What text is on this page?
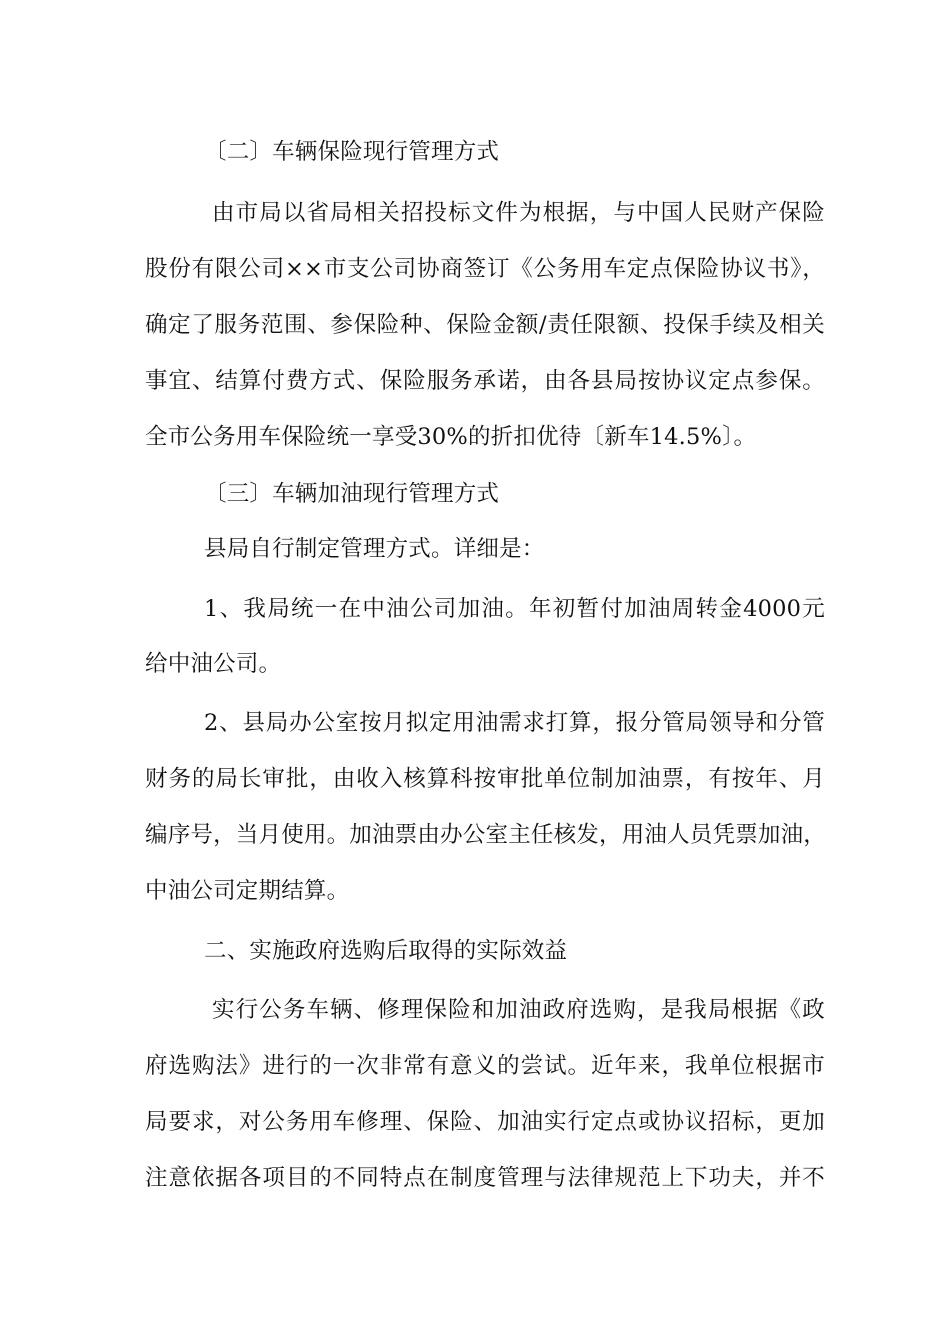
〔二〕车辆保险现行管理方式
由市局以省局相关招投标文件为根据，与中国人民财产保险
股份有限公司××市支公司协商签订《公务用车定点保险协议书》，
确定了服务范围、参保险种、保险金额/责任限额、投保手续及相关
事宜、结算付费方式、保险服务承诺，由各县局按协议定点参保。
全市公务用车保险统一享受30%的折扣优待〔新车14.5%〕。
〔三〕车辆加油现行管理方式
县局自行制定管理方式。详细是：
1、我局统一在中油公司加油。年初暂付加油周转金4000元
给中油公司。
2、县局办公室按月拟定用油需求打算，报分管局领导和分管
财务的局长审批，由收入核算科按审批单位制加油票，有按年、月
编序号，当月使用。加油票由办公室主任核发，用油人员凭票加油，
中油公司定期结算。
二、实施政府选购后取得的实际效益
实行公务车辆、修理保险和加油政府选购，是我局根据《政
府选购法》进行的一次非常有意义的尝试。近年来，我单位根据市
局要求，对公务用车修理、保险、加油实行定点或协议招标，更加
注意依据各项目的不同特点在制度管理与法律规范上下功夫，并不
